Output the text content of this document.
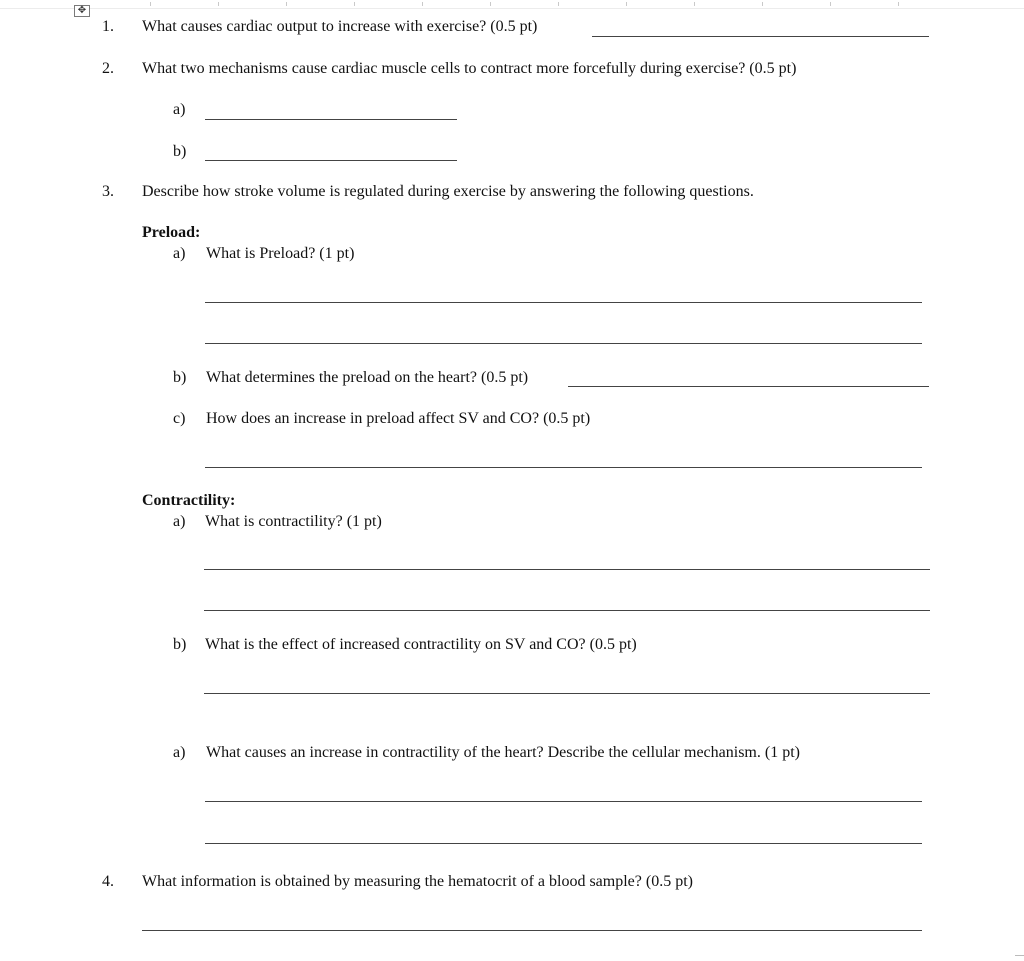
✥
1. What causes cardiac output to increase with exercise? (0.5 pt)
2. What two mechanisms cause cardiac muscle cells to contract more forcefully during exercise? (0.5 pt)
a)
b)
3. Describe how stroke volume is regulated during exercise by answering the following questions.
Preload:
a) What is Preload? (1 pt)
b) What determines the preload on the heart? (0.5 pt)
c) How does an increase in preload affect SV and CO? (0.5 pt)
Contractility:
a) What is contractility? (1 pt)
b) What is the effect of increased contractility on SV and CO? (0.5 pt)
a) What causes an increase in contractility of the heart? Describe the cellular mechanism. (1 pt)
4. What information is obtained by measuring the hematocrit of a blood sample? (0.5 pt)
